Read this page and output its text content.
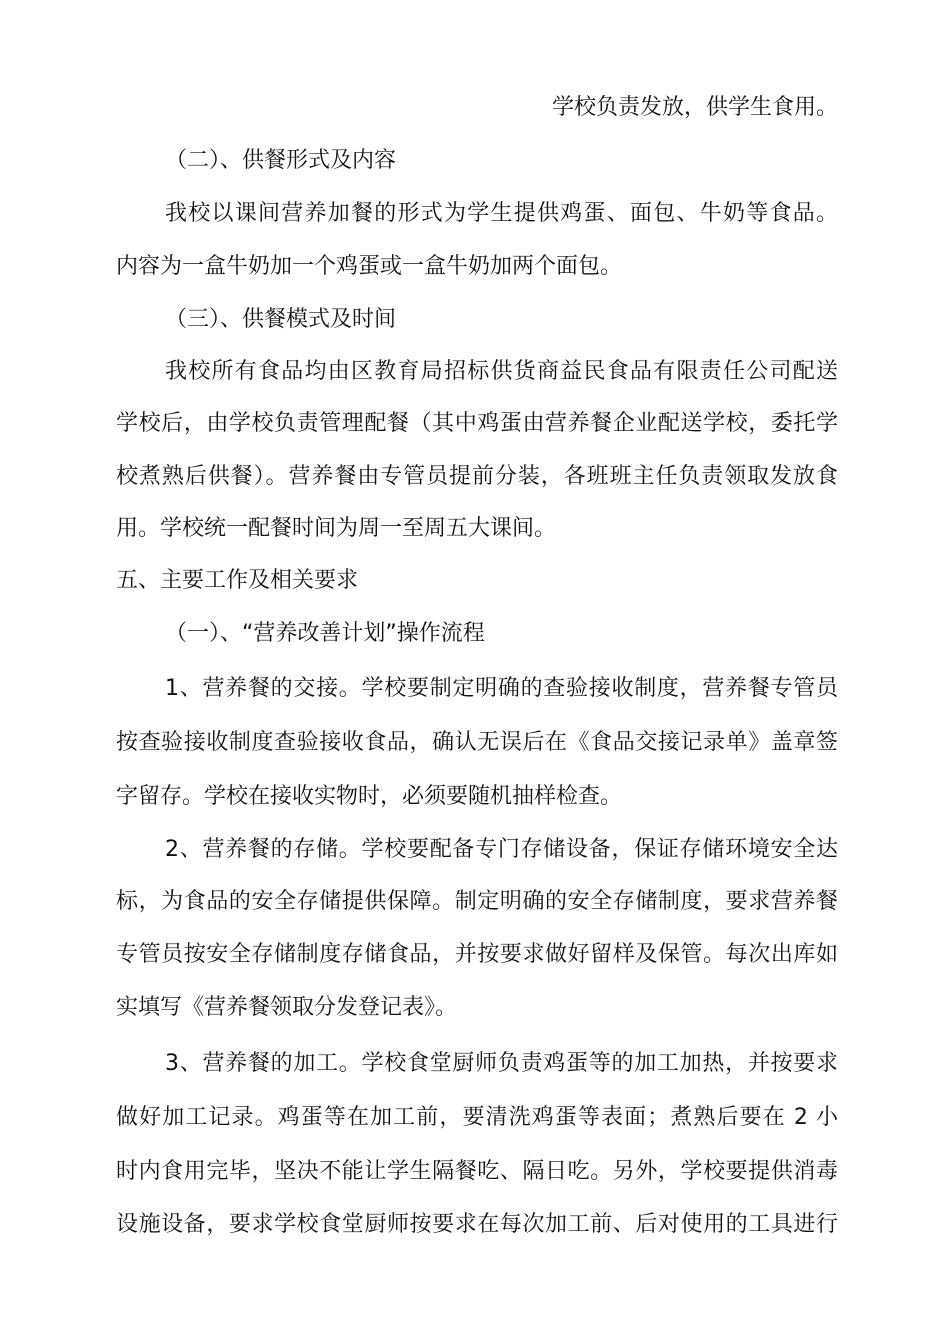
学校负责发放，供学生食用。
（二）、供餐形式及内容
我校以课间营养加餐的形式为学生提供鸡蛋、面包、牛奶等食品。
内容为一盒牛奶加一个鸡蛋或一盒牛奶加两个面包。
（三）、供餐模式及时间
我校所有食品均由区教育局招标供货商益民食品有限责任公司配送
学校后，由学校负责管理配餐（其中鸡蛋由营养餐企业配送学校，委托学
校煮熟后供餐）。营养餐由专管员提前分装，各班班主任负责领取发放食
用。学校统一配餐时间为周一至周五大课间。
五、主要工作及相关要求
（一）、“营养改善计划”操作流程
1、营养餐的交接。学校要制定明确的查验接收制度，营养餐专管员
按查验接收制度查验接收食品，确认无误后在《食品交接记录单》盖章签
字留存。学校在接收实物时，必须要随机抽样检查。
2、营养餐的存储。学校要配备专门存储设备，保证存储环境安全达
标，为食品的安全存储提供保障。制定明确的安全存储制度，要求营养餐
专管员按安全存储制度存储食品，并按要求做好留样及保管。每次出库如
实填写《营养餐领取分发登记表》。
3、营养餐的加工。学校食堂厨师负责鸡蛋等的加工加热，并按要求
做好加工记录。鸡蛋等在加工前，要清洗鸡蛋等表面；煮熟后要在 2 小
时内食用完毕，坚决不能让学生隔餐吃、隔日吃。另外，学校要提供消毒
设施设备，要求学校食堂厨师按要求在每次加工前、后对使用的工具进行
